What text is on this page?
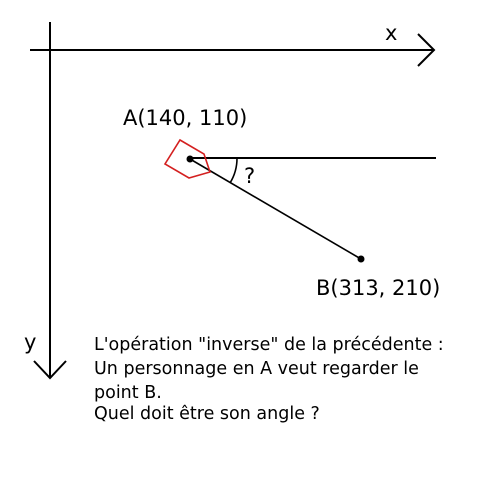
x
y
?
A(140, 110)
B(313, 210)
L'opération "inverse" de la précédente :
Un personnage en A veut regarder le
point B.
Quel doit être son angle ?
